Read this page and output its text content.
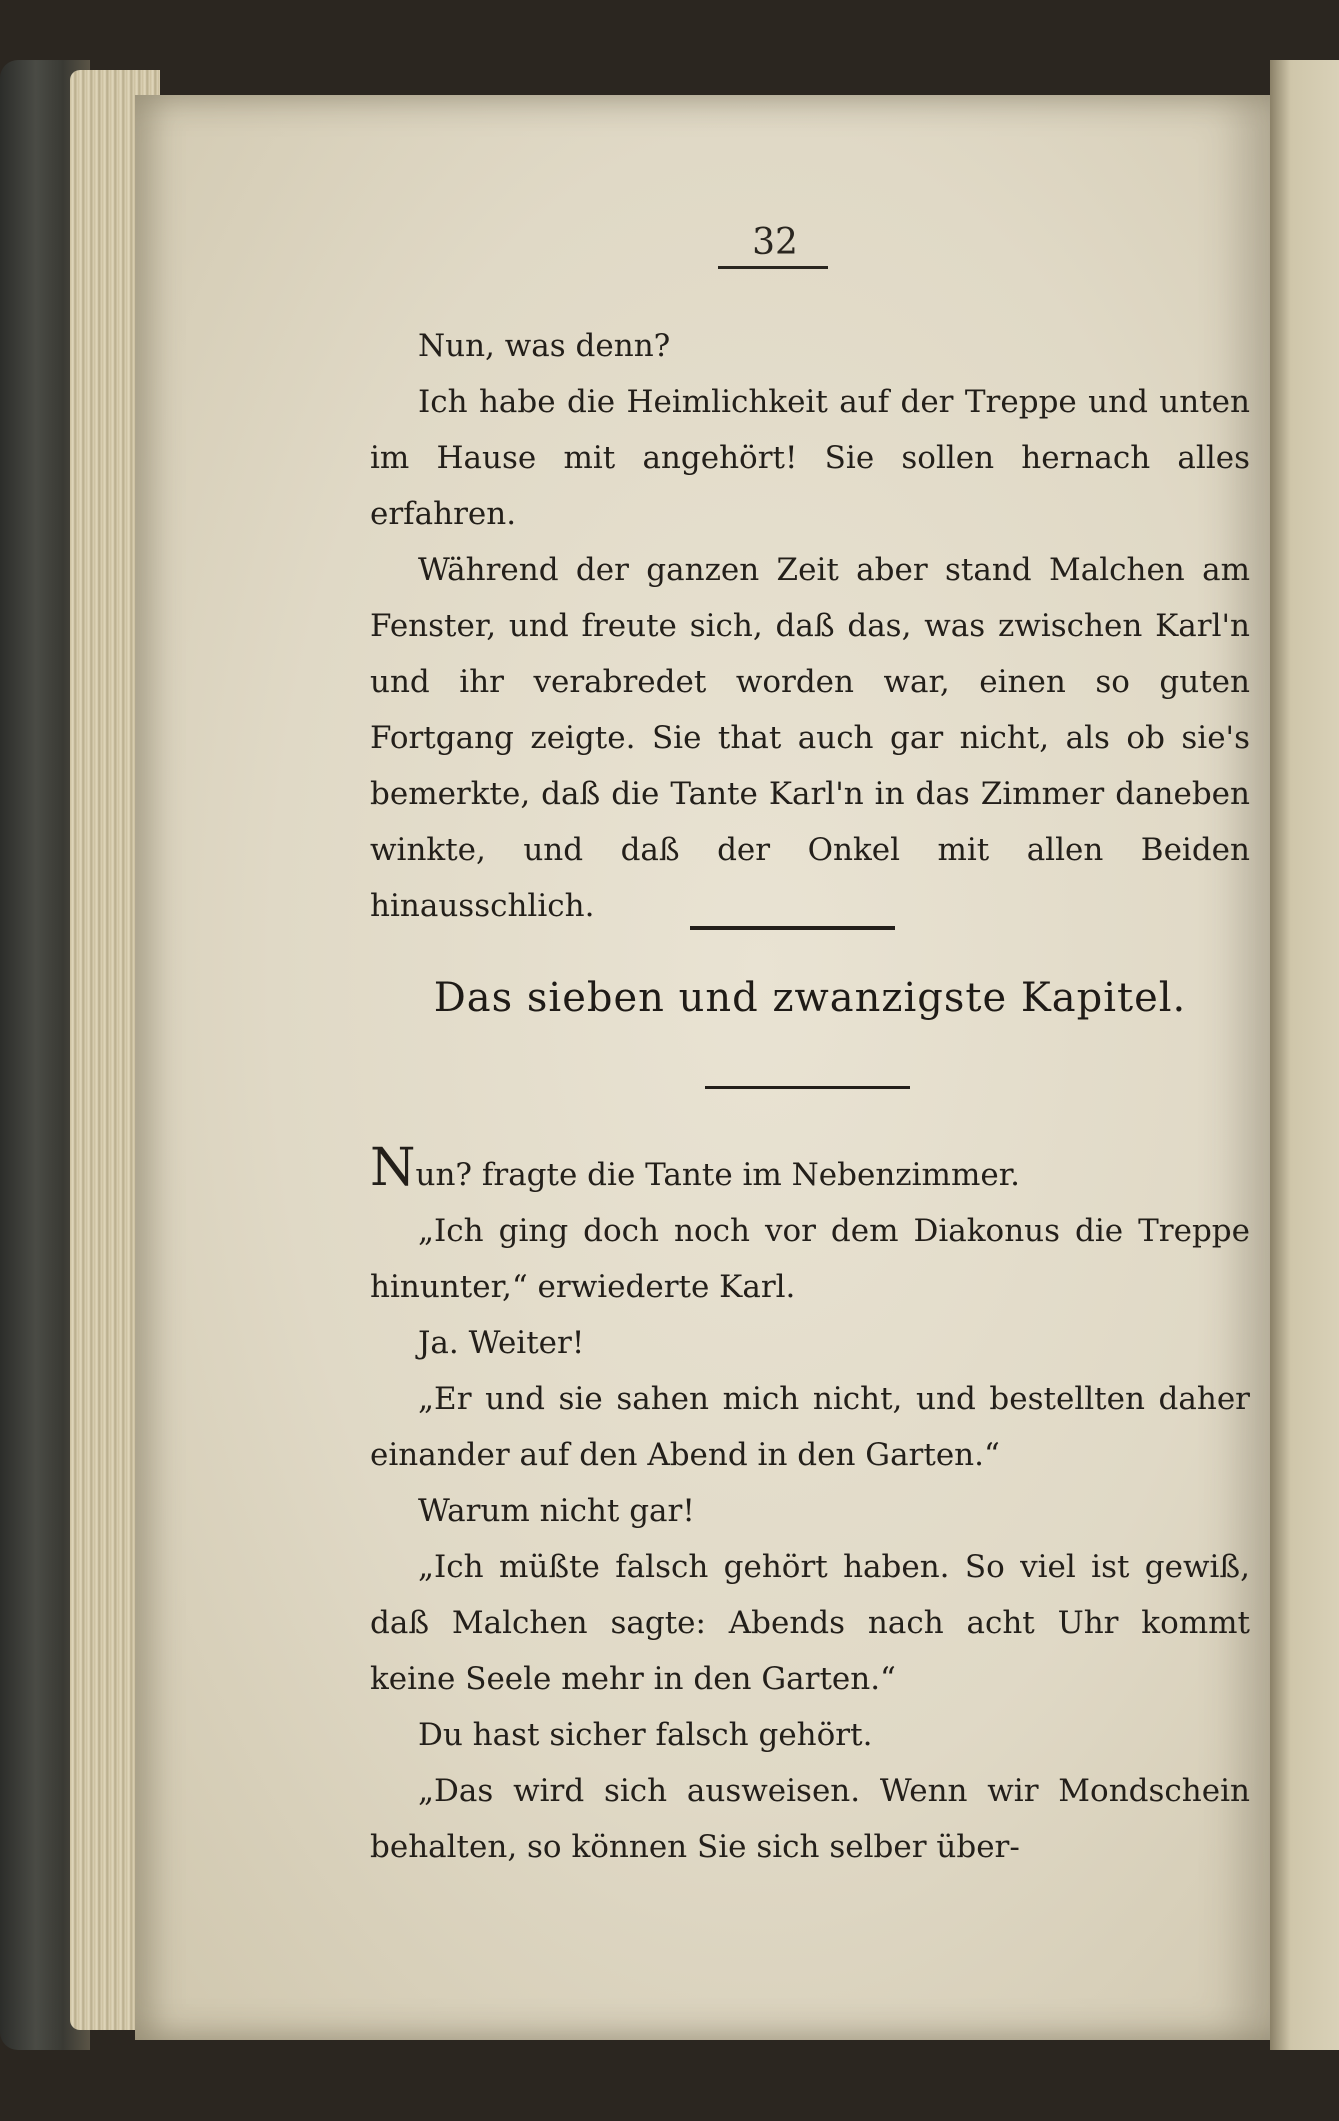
32

Nun, was denn?

Ich habe die Heimlichkeit auf der Treppe und unten im Hause mit angehört! Sie sollen hernach alles erfahren.

Während der ganzen Zeit aber stand Malchen am Fenster, und freute sich, daß das, was zwischen Karl'n und ihr verabredet worden war, einen so guten Fortgang zeigte. Sie that auch gar nicht, als ob sie's bemerkte, daß die Tante Karl'n in das Zimmer daneben winkte, und daß der Onkel mit allen Beiden hinausschlich.

Das sieben und zwanzigste Kapitel.

Nun? fragte die Tante im Nebenzimmer.

„Ich ging doch noch vor dem Diakonus die Treppe hinunter,“ erwiederte Karl.

Ja. Weiter!

„Er und sie sahen mich nicht, und bestellten daher einander auf den Abend in den Garten.“

Warum nicht gar!

„Ich müßte falsch gehört haben. So viel ist gewiß, daß Malchen sagte: Abends nach acht Uhr kommt keine Seele mehr in den Garten.“

Du hast sicher falsch gehört.

„Das wird sich ausweisen. Wenn wir Mondschein behalten, so können Sie sich selber über-
